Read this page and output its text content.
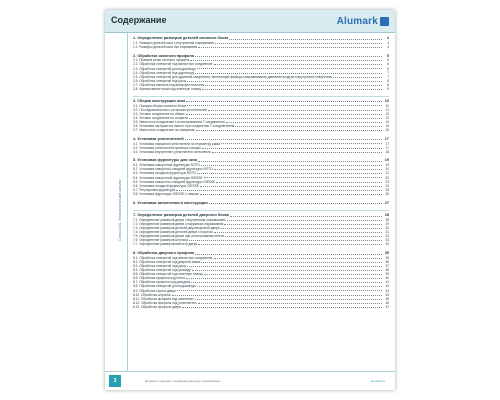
Содержание	Alumark
Серия 44A. Технологический каталог
1. Определение размеров деталей оконного блока	4
1.1. Размеры деталей окна с внутренним открыванием	4
1.2. Размеры деталей окна без открывания	4
2. Обработка оконного профиля	5
2.1. Правила резки оконного профиля	5
2.2. Обработка отверстий под импостное соединение	6
2.3. Обработка отверстий для водоотвода	6
2.4. Обработка отверстий под фурнитуру	7
2.5. Обработка отверстий для удаления конденсата, вентиляции фальца и выравнивания давления воздуха в внутренних отверстиях	7
2.6. Обработка отверстий под ручку	8
2.7. Обработка импоста под анкерную пластину	8
2.8. Фрезерование ниши под ответную планку	9
3. Сборка конструкции окна	10
3.1. Порядок сборки оконного блока	10
3.2. Последовательность установки уплотнителей	11
3.3. Угловое соединение на обжим	12
3.4. Угловое соединение на штифтах	13
3.5. Импостное соединение с использованием Т-соединителя	14
3.6. Установка заглушек на импост при соединении Т-соединителем	15
3.7. Импостное соединение на саморезах	16
4. Установка уплотнителей	17
4.1. Установка наружного уплотнителя по периметру рамы	17
4.2. Установка уплотнителя притвора створки	17
4.3. Установка внутреннего уплотнителя остекления	18
5. Установка фурнитуры для окна	19
5.1. Установка поворотной фурнитуры ROTO	19
5.2. Установка поворотно-откидной фурнитуры ROTO	20
5.3. Установка откидной фурнитуры ROTO	21
5.4. Установка поворотной фурнитуры GIESSE	22
5.5. Установка поворотно-откидной фурнитуры GIESSE	23
5.6. Установка откидной фурнитуры GIESSE	24
5.7. Регулировка фурнитуры	25
5.8. Установка фурнитуры GIESSE с замком	26
6. Установка заполнения в конструкции	27
7. Определение размеров деталей дверного блока	28
7.1. Определение размеров двери с внутренним открыванием	28
7.2. Определение размеров двери с наружным открыванием	29
7.3. Определение размеров деталей двустворчатой двери	30
7.4. Определение размеров деталей двери с порогом	31
7.5. Определение размеров двери при использовании петель	32
7.6. Определение размеров штульпа	33
7.7. Определение размеров импоста двери	34
8. Обработка дверного профиля	35
8.1. Обработка отверстий под импостное соединение	35
8.2. Обработка отверстий под дверной замок	36
8.3. Обработка отверстий под ручку	37
8.4. Обработка отверстий под цилиндр	38
8.5. Обработка отверстий под ответную планку	39
8.6. Обработка профиля под петли	40
8.7. Обработка профиля под доводчик	41
8.8. Обработка отверстий для водоотвода	42
8.9. Обработка порога двери	43
8.10. Обработка штульпа	44
8.11. Обработка профиля под шпингалет	45
8.12. Обработка профиля под уплотнитель	46
8.13. Обработка профиля двери	47
3	Документ содержит конфиденциальную информацию	alumark.ru
